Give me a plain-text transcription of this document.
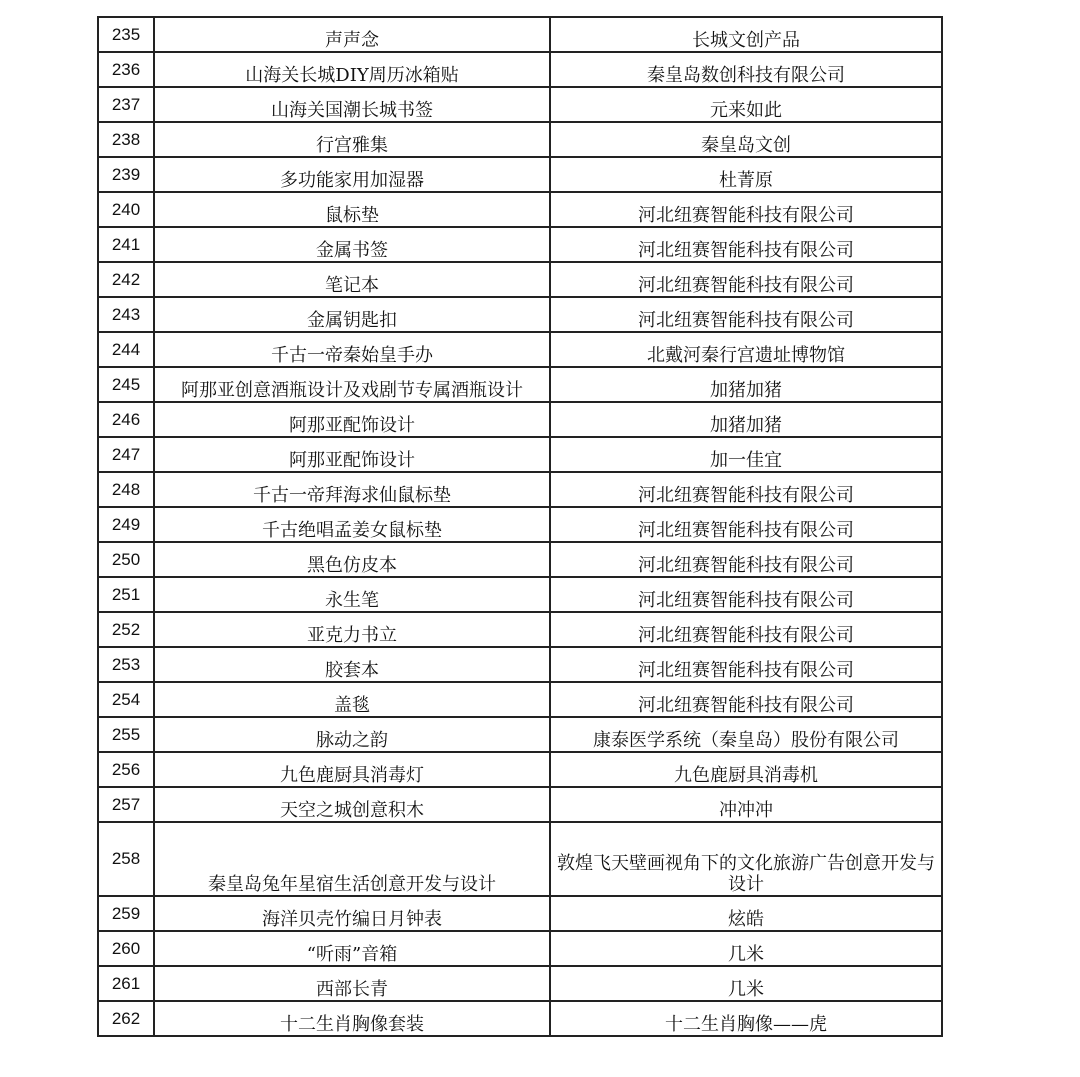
235	声声念	长城文创产品
236	山海关长城DIY周历冰箱贴	秦皇岛数创科技有限公司
237	山海关国潮长城书签	元来如此
238	行宫雅集	秦皇岛文创
239	多功能家用加湿器	杜菁原
240	鼠标垫	河北纽赛智能科技有限公司
241	金属书签	河北纽赛智能科技有限公司
242	笔记本	河北纽赛智能科技有限公司
243	金属钥匙扣	河北纽赛智能科技有限公司
244	千古一帝秦始皇手办	北戴河秦行宫遗址博物馆
245	阿那亚创意酒瓶设计及戏剧节专属酒瓶设计	加猪加猪
246	阿那亚配饰设计	加猪加猪
247	阿那亚配饰设计	加一佳宜
248	千古一帝拜海求仙鼠标垫	河北纽赛智能科技有限公司
249	千古绝唱孟姜女鼠标垫	河北纽赛智能科技有限公司
250	黑色仿皮本	河北纽赛智能科技有限公司
251	永生笔	河北纽赛智能科技有限公司
252	亚克力书立	河北纽赛智能科技有限公司
253	胶套本	河北纽赛智能科技有限公司
254	盖毯	河北纽赛智能科技有限公司
255	脉动之韵	康泰医学系统（秦皇岛）股份有限公司
256	九色鹿厨具消毒灯	九色鹿厨具消毒机
257	天空之城创意积木	冲冲冲
258	秦皇岛兔年星宿生活创意开发与设计	敦煌飞天壁画视角下的文化旅游广告创意开发与设计
259	海洋贝壳竹编日月钟表	炫皓
260	“听雨”音箱	几米
261	西部长青	几米
262	十二生肖胸像套装	十二生肖胸像——虎
